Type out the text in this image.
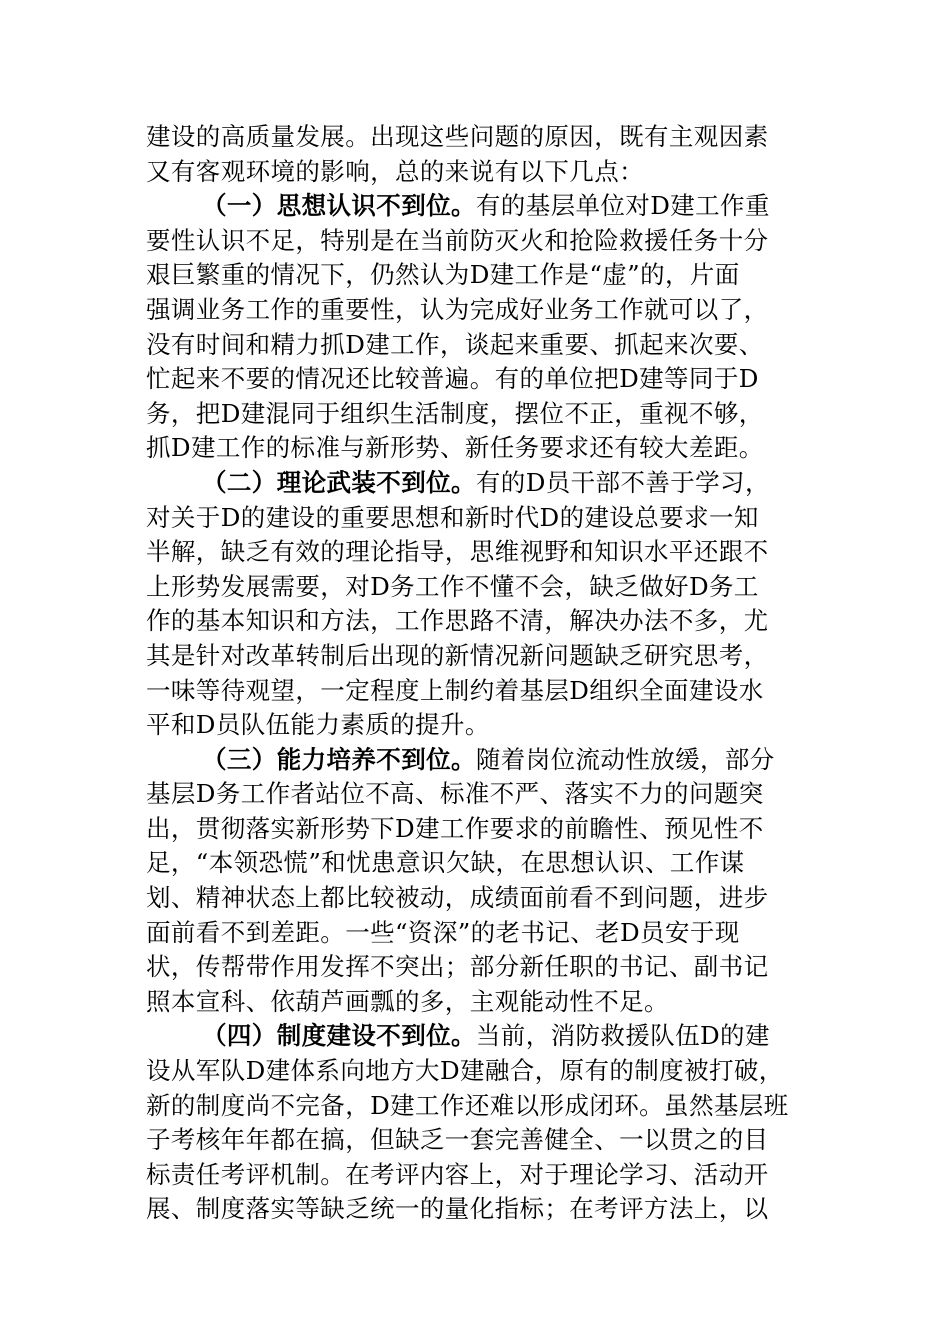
建设的高质量发展。出现这些问题的原因，既有主观因素
又有客观环境的影响，总的来说有以下几点：
（一）思想认识不到位。有的基层单位对D建工作重
要性认识不足，特别是在当前防灭火和抢险救援任务十分
艰巨繁重的情况下，仍然认为D建工作是“虚”的，片面
强调业务工作的重要性，认为完成好业务工作就可以了，
没有时间和精力抓D建工作，谈起来重要、抓起来次要、
忙起来不要的情况还比较普遍。有的单位把D建等同于D
务，把D建混同于组织生活制度，摆位不正，重视不够，
抓D建工作的标准与新形势、新任务要求还有较大差距。
（二）理论武装不到位。有的D员干部不善于学习，
对关于D的建设的重要思想和新时代D的建设总要求一知
半解，缺乏有效的理论指导，思维视野和知识水平还跟不
上形势发展需要，对D务工作不懂不会，缺乏做好D务工
作的基本知识和方法，工作思路不清，解决办法不多，尤
其是针对改革转制后出现的新情况新问题缺乏研究思考，
一味等待观望，一定程度上制约着基层D组织全面建设水
平和D员队伍能力素质的提升。
（三）能力培养不到位。随着岗位流动性放缓，部分
基层D务工作者站位不高、标准不严、落实不力的问题突
出，贯彻落实新形势下D建工作要求的前瞻性、预见性不
足，“本领恐慌”和忧患意识欠缺，在思想认识、工作谋
划、精神状态上都比较被动，成绩面前看不到问题，进步
面前看不到差距。一些“资深”的老书记、老D员安于现
状，传帮带作用发挥不突出；部分新任职的书记、副书记
照本宣科、依葫芦画瓢的多，主观能动性不足。
（四）制度建设不到位。当前，消防救援队伍D的建
设从军队D建体系向地方大D建融合，原有的制度被打破，
新的制度尚不完备，D建工作还难以形成闭环。虽然基层班
子考核年年都在搞，但缺乏一套完善健全、一以贯之的目
标责任考评机制。在考评内容上，对于理论学习、活动开
展、制度落实等缺乏统一的量化指标；在考评方法上，以
